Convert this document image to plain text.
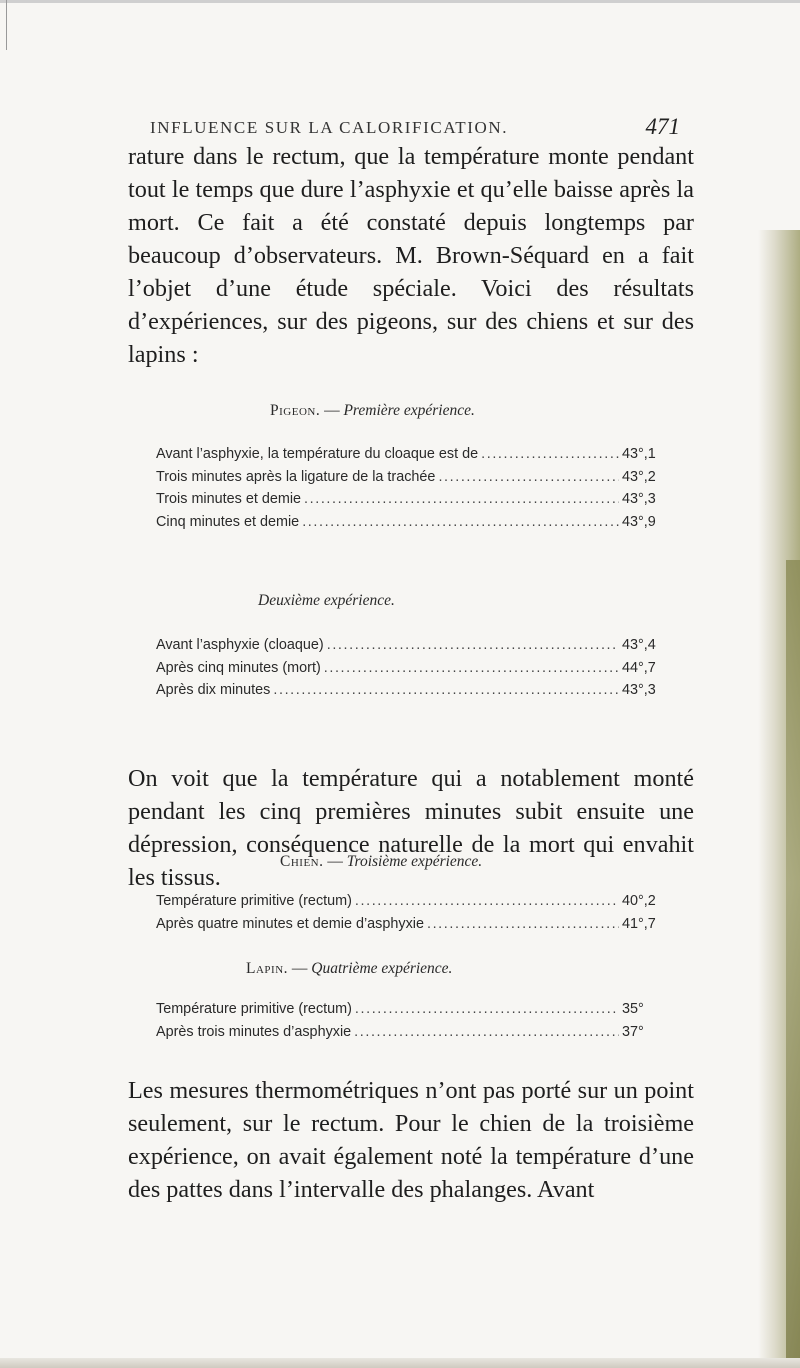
INFLUENCE SUR LA CALORIFICATION.	471
rature dans le rectum, que la température monte pendant tout le temps que dure l’asphyxie et qu’elle baisse après la mort. Ce fait a été constaté depuis longtemps par beaucoup d’observateurs. M. Brown-Séquard en a fait l’objet d’une étude spéciale. Voici des résultats d’expériences, sur des pigeons, sur des chiens et sur des lapins :
Pigeon. — Première expérience.
Avant l’asphyxie, la température du cloaque est de . . .	43°,1
Trois minutes après la ligature de la trachée . . .	43°,2
Trois minutes et demie . . .	43°,3
Cinq minutes et demie . . .	43°,9
Deuxième expérience.
Avant l’asphyxie (cloaque) . . .	43°,4
Après cinq minutes (mort) . . .	44°,7
Après dix minutes . . .	43°,3
On voit que la température qui a notablement monté pendant les cinq premières minutes subit ensuite une dépression, conséquence naturelle de la mort qui envahit les tissus.
Chien. — Troisième expérience.
Température primitive (rectum) . . .	40°,2
Après quatre minutes et demie d’asphyxie . . .	41°,7
Lapin. — Quatrième expérience.
Température primitive (rectum) . . .	35°
Après trois minutes d’asphyxie . . .	37°
Les mesures thermométriques n’ont pas porté sur un point seulement, sur le rectum. Pour le chien de la troisième expérience, on avait également noté la température d’une des pattes dans l’intervalle des phalanges. Avant
